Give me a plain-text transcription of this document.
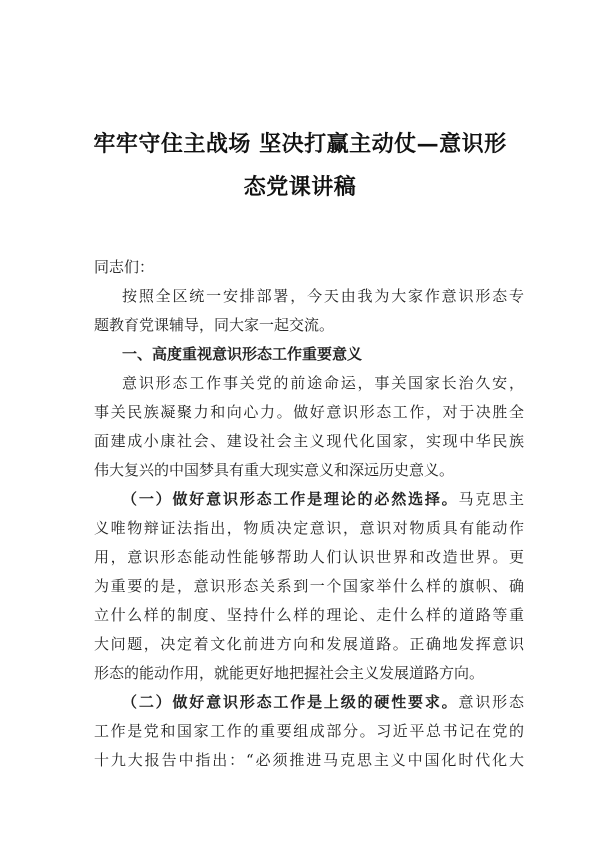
牢牢守住主战场 坚决打赢主动仗—意识形
态党课讲稿
同志们：
按照全区统一安排部署，今天由我为大家作意识形态专
题教育党课辅导，同大家一起交流。
一、高度重视意识形态工作重要意义
意识形态工作事关党的前途命运，事关国家长治久安，
事关民族凝聚力和向心力。做好意识形态工作，对于决胜全
面建成小康社会、建设社会主义现代化国家，实现中华民族
伟大复兴的中国梦具有重大现实意义和深远历史意义。
（一）做好意识形态工作是理论的必然选择。马克思主
义唯物辩证法指出，物质决定意识，意识对物质具有能动作
用，意识形态能动性能够帮助人们认识世界和改造世界。更
为重要的是，意识形态关系到一个国家举什么样的旗帜、确
立什么样的制度、坚持什么样的理论、走什么样的道路等重
大问题，决定着文化前进方向和发展道路。正确地发挥意识
形态的能动作用，就能更好地把握社会主义发展道路方向。
（二）做好意识形态工作是上级的硬性要求。意识形态
工作是党和国家工作的重要组成部分。习近平总书记在党的
十九大报告中指出：“必须推进马克思主义中国化时代化大
